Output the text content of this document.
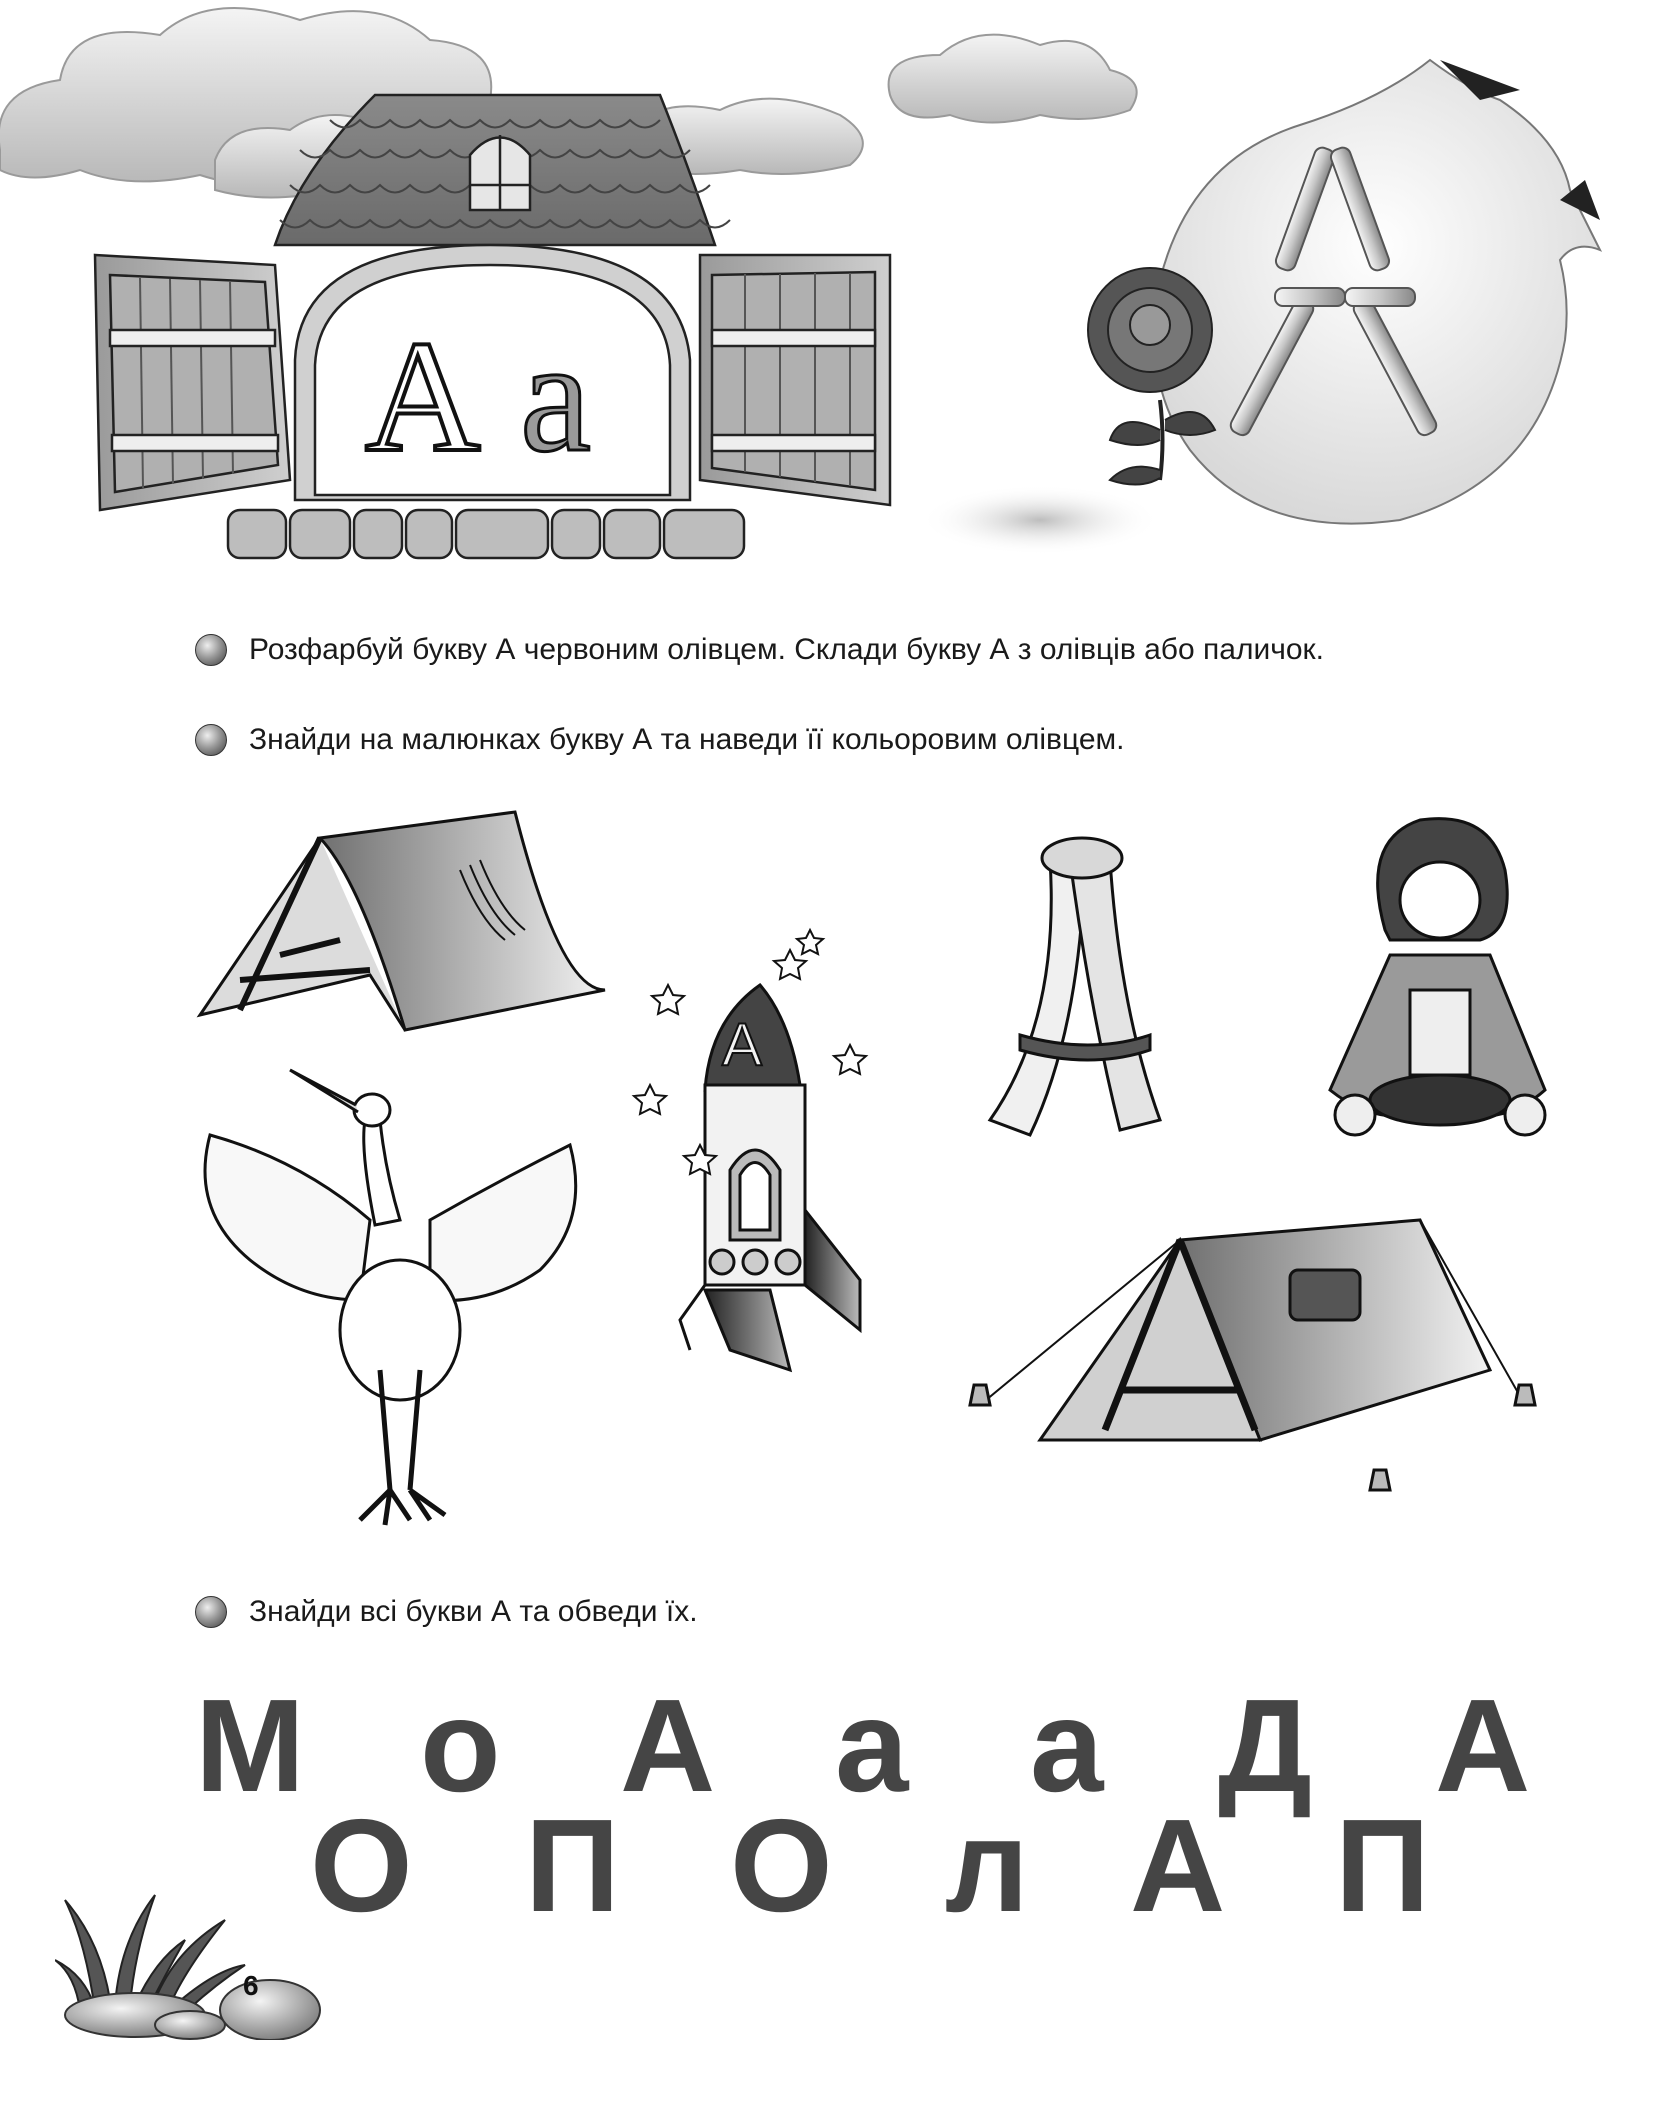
А а
А
Розфарбуй букву А червоним олівцем. Склади букву А з олівців або паличок.
Знайди на малюнках букву А та наведи її кольоровим олівцем.
А
Знайди всі букви А та обведи їх.
М о А а а Д А
О П О л А П
6
